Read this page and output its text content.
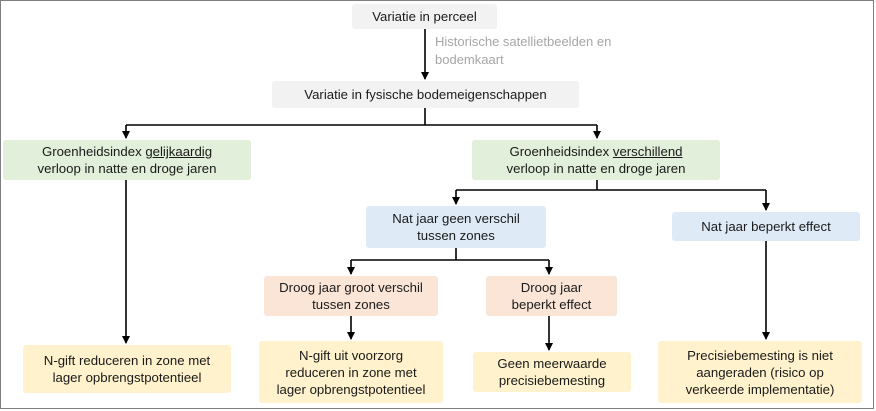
Variatie in perceel
Historische satellietbeelden en
bodemkaart
Variatie in fysische bodemeigenschappen
Groenheidsindex gelijkaardig
verloop in natte en droge jaren
Groenheidsindex verschillend
verloop in natte en droge jaren
Nat jaar geen verschil
tussen zones
Nat jaar beperkt effect
Droog jaar groot verschil
tussen zones
Droog jaar
beperkt effect
N-gift reduceren in zone met
lager opbrengstpotentieel
N-gift uit voorzorg
reduceren in zone met
lager opbrengstpotentieel
Geen meerwaarde
precisiebemesting
Precisiebemesting is niet
aangeraden (risico op
verkeerde implementatie)
